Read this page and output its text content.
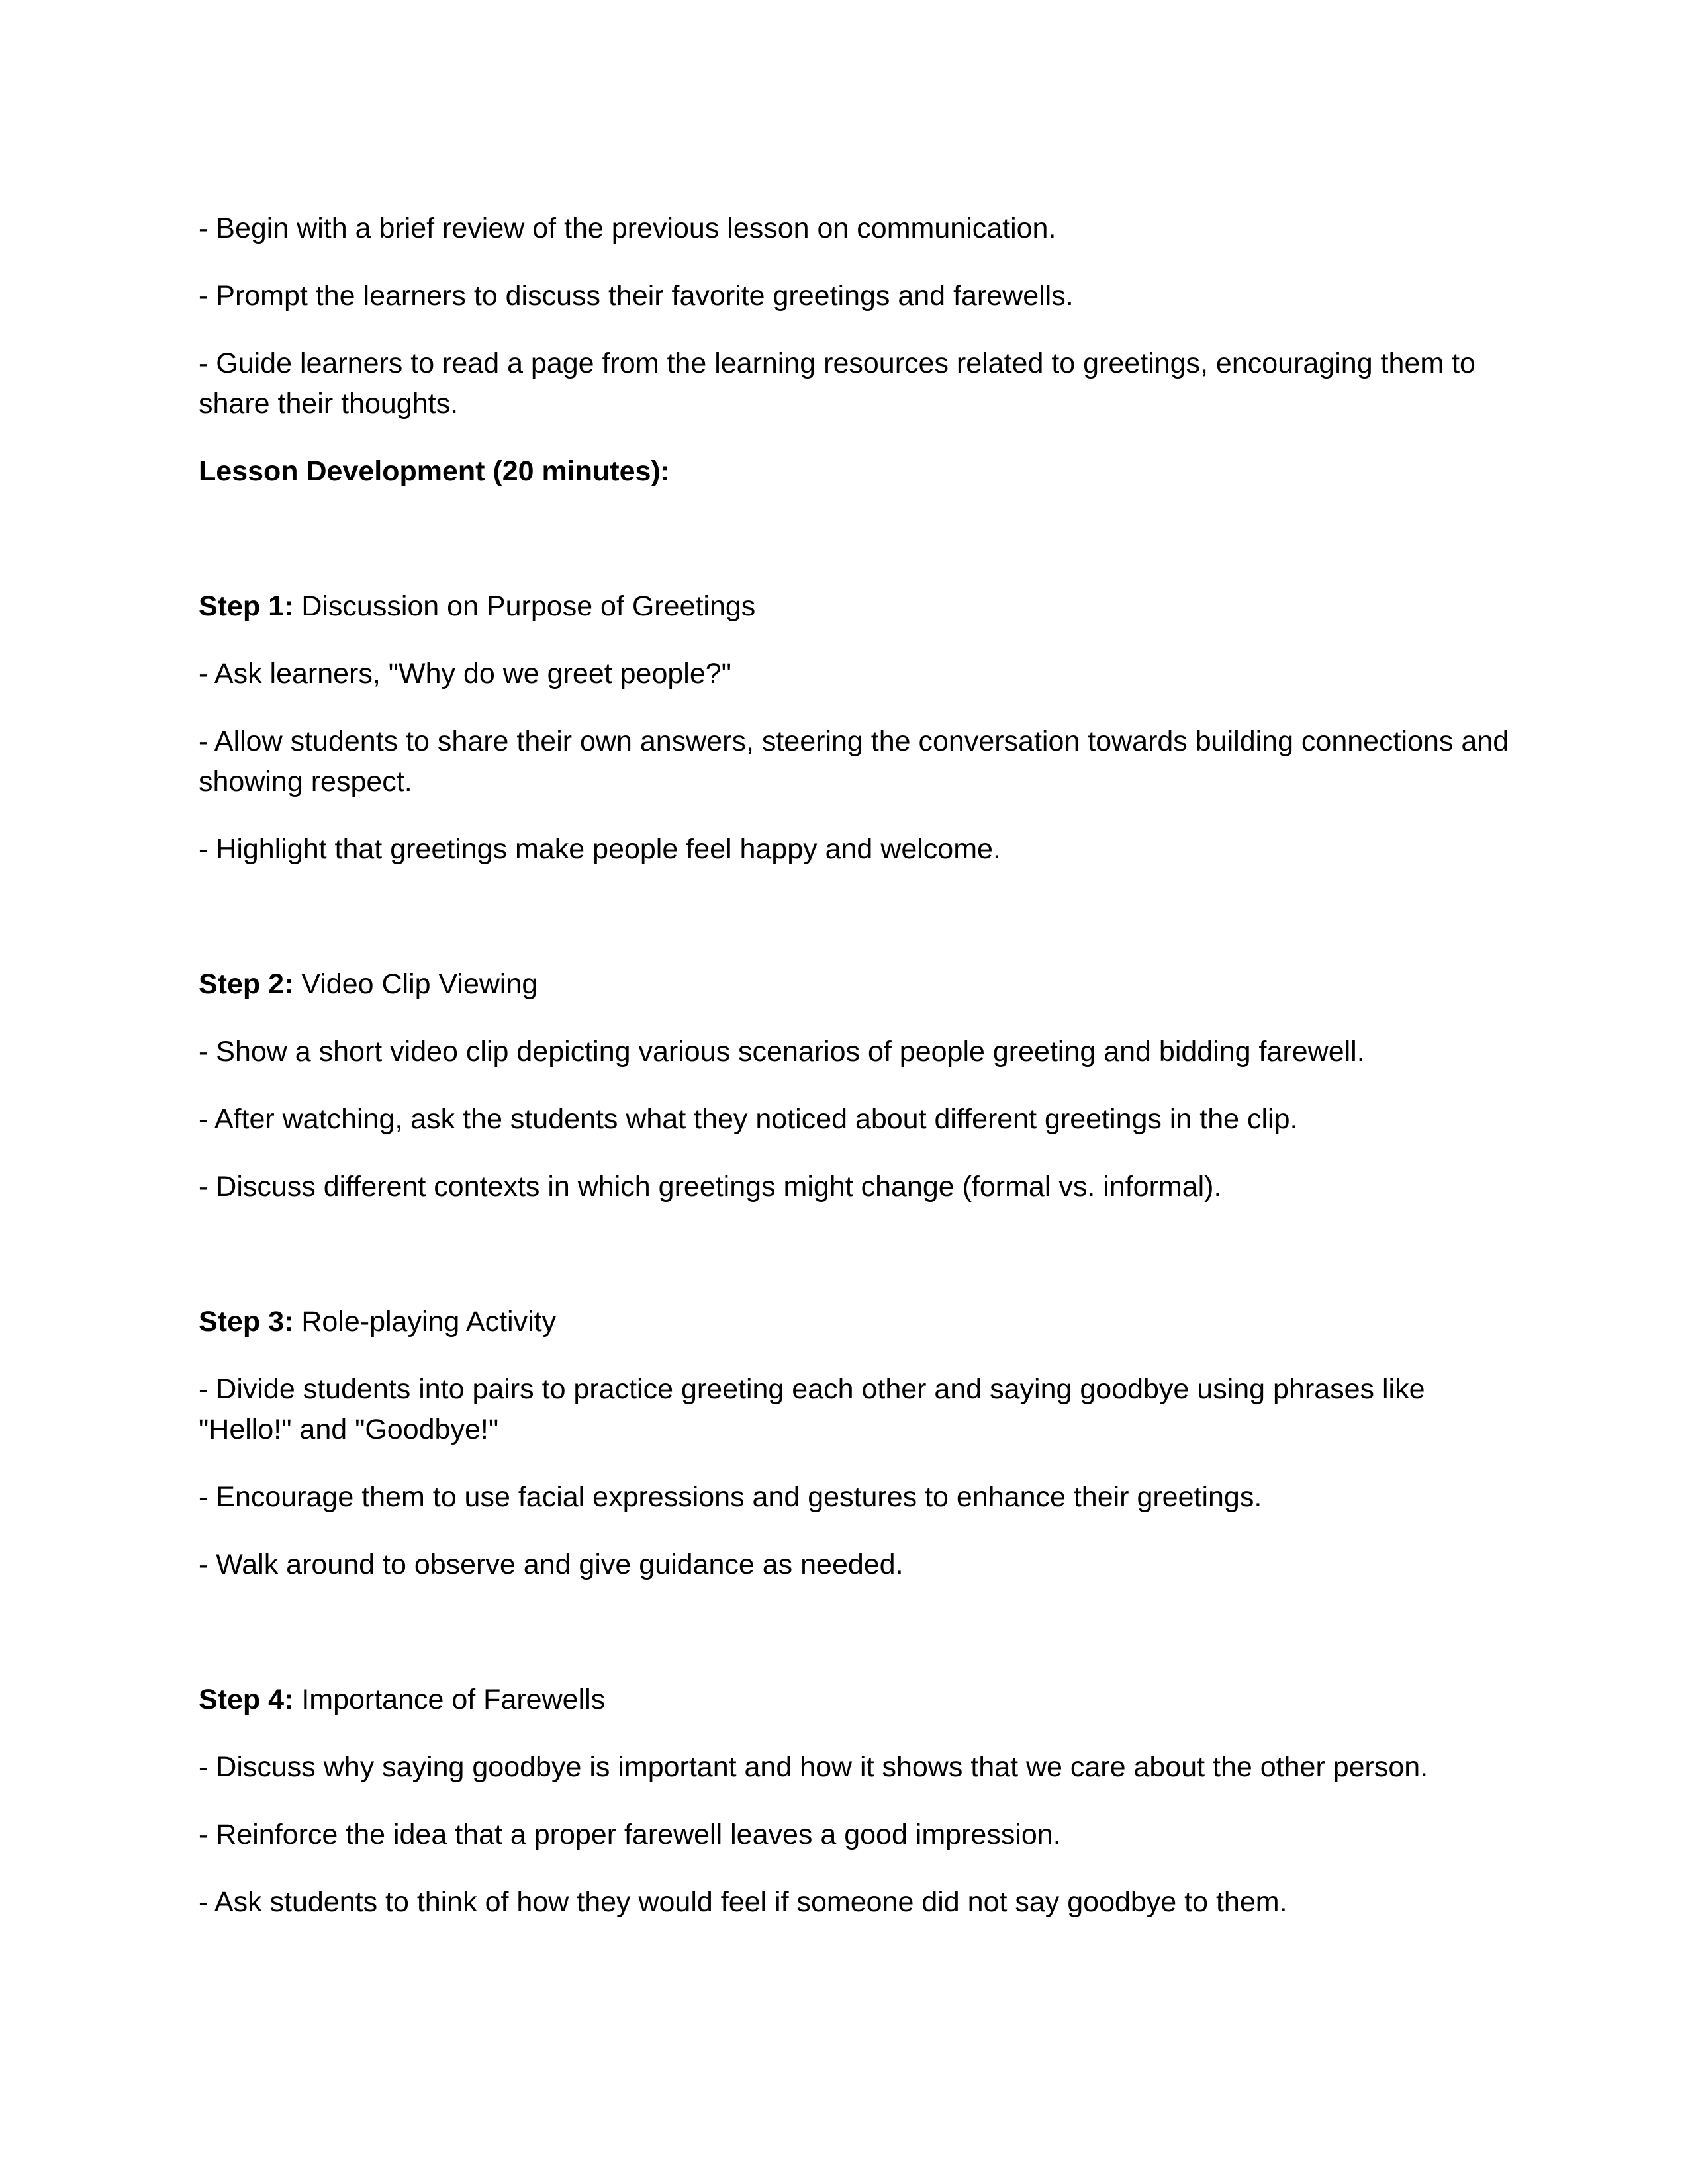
- Begin with a brief review of the previous lesson on communication.

- Prompt the learners to discuss their favorite greetings and farewells.

- Guide learners to read a page from the learning resources related to greetings, encouraging them to share their thoughts.

Lesson Development (20 minutes):

Step 1: Discussion on Purpose of Greetings

- Ask learners, "Why do we greet people?"

- Allow students to share their own answers, steering the conversation towards building connections and showing respect.

- Highlight that greetings make people feel happy and welcome.

Step 2: Video Clip Viewing

- Show a short video clip depicting various scenarios of people greeting and bidding farewell.

- After watching, ask the students what they noticed about different greetings in the clip.

- Discuss different contexts in which greetings might change (formal vs. informal).

Step 3: Role-playing Activity

- Divide students into pairs to practice greeting each other and saying goodbye using phrases like "Hello!" and "Goodbye!"

- Encourage them to use facial expressions and gestures to enhance their greetings.

- Walk around to observe and give guidance as needed.

Step 4: Importance of Farewells

- Discuss why saying goodbye is important and how it shows that we care about the other person.

- Reinforce the idea that a proper farewell leaves a good impression.

- Ask students to think of how they would feel if someone did not say goodbye to them.
